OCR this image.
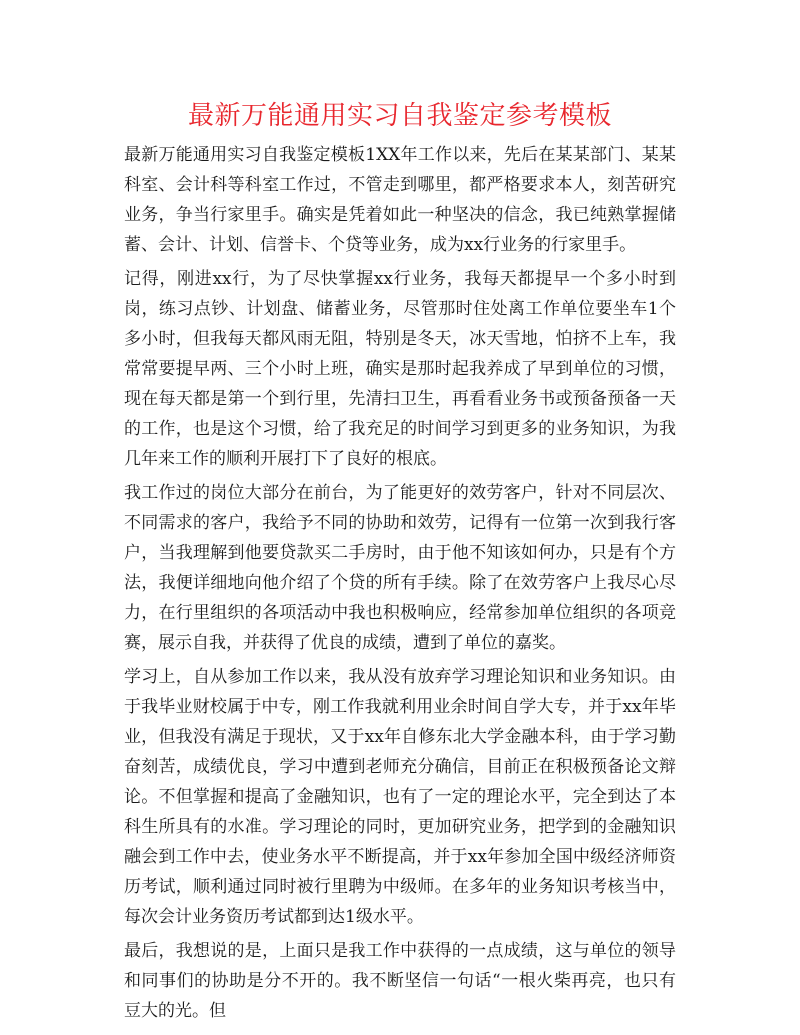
最新万能通用实习自我鉴定参考模板

最新万能通用实习自我鉴定模板1XX年工作以来，先后在某某部门、某某科室、会计科等科室工作过，不管走到哪里，都严格要求本人，刻苦研究业务，争当行家里手。确实是凭着如此一种坚决的信念，我已纯熟掌握储蓄、会计、计划、信誉卡、个贷等业务，成为xx行业务的行家里手。

记得，刚进xx行，为了尽快掌握xx行业务，我每天都提早一个多小时到岗，练习点钞、计划盘、储蓄业务，尽管那时住处离工作单位要坐车1个多小时，但我每天都风雨无阻，特别是冬天，冰天雪地，怕挤不上车，我常常要提早两、三个小时上班，确实是那时起我养成了早到单位的习惯，现在每天都是第一个到行里，先清扫卫生，再看看业务书或预备预备一天的工作，也是这个习惯，给了我充足的时间学习到更多的业务知识，为我几年来工作的顺利开展打下了良好的根底。

我工作过的岗位大部分在前台，为了能更好的效劳客户，针对不同层次、不同需求的客户，我给予不同的协助和效劳，记得有一位第一次到我行客户，当我理解到他要贷款买二手房时，由于他不知该如何办，只是有个方法，我便详细地向他介绍了个贷的所有手续。除了在效劳客户上我尽心尽力，在行里组织的各项活动中我也积极响应，经常参加单位组织的各项竞赛，展示自我，并获得了优良的成绩，遭到了单位的嘉奖。

学习上，自从参加工作以来，我从没有放弃学习理论知识和业务知识。由于我毕业财校属于中专，刚工作我就利用业余时间自学大专，并于xx年毕业，但我没有满足于现状，又于xx年自修东北大学金融本科，由于学习勤奋刻苦，成绩优良，学习中遭到老师充分确信，目前正在积极预备论文辩论。不但掌握和提高了金融知识，也有了一定的理论水平，完全到达了本科生所具有的水准。学习理论的同时，更加研究业务，把学到的金融知识融会到工作中去，使业务水平不断提高，并于xx年参加全国中级经济师资历考试，顺利通过同时被行里聘为中级师。在多年的业务知识考核当中，每次会计业务资历考试都到达1级水平。

最后，我想说的是，上面只是我工作中获得的一点成绩，这与单位的领导和同事们的协助是分不开的。我不断坚信一句话“一根火柴再亮，也只有豆大的光。但
